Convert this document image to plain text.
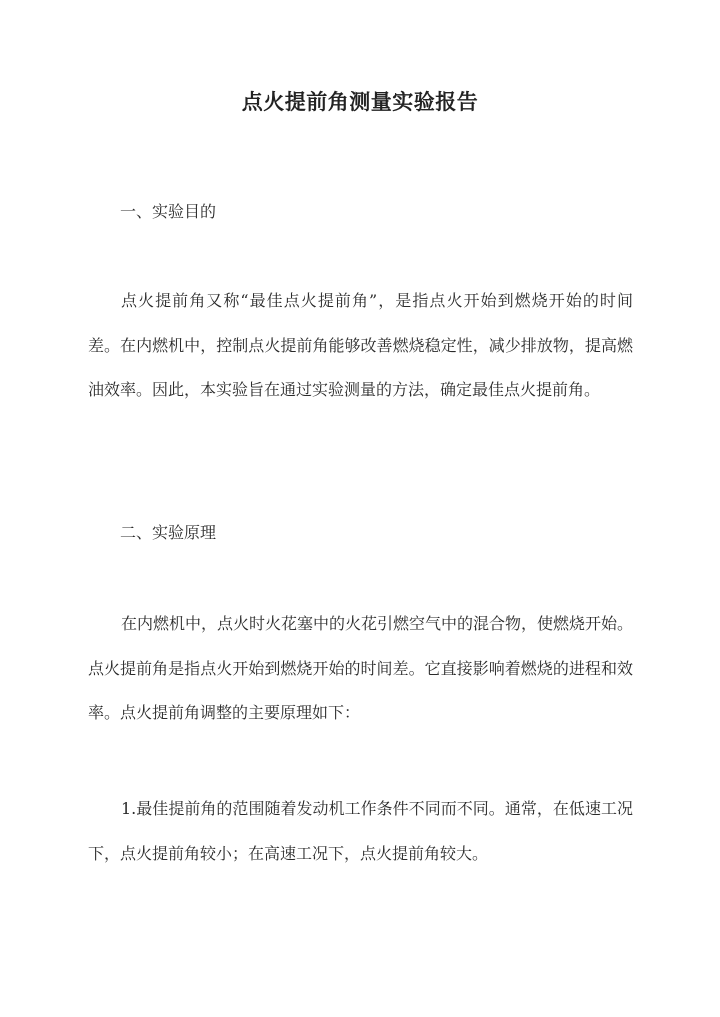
点火提前角测量实验报告
一、实验目的

点火提前角又称“最佳点火提前角”，是指点火开始到燃烧开始的时间差。在内燃机中，控制点火提前角能够改善燃烧稳定性，减少排放物，提高燃油效率。因此，本实验旨在通过实验测量的方法，确定最佳点火提前角。

二、实验原理

在内燃机中，点火时火花塞中的火花引燃空气中的混合物，使燃烧开始。点火提前角是指点火开始到燃烧开始的时间差。它直接影响着燃烧的进程和效率。点火提前角调整的主要原理如下：

1.最佳提前角的范围随着发动机工作条件不同而不同。通常，在低速工况下，点火提前角较小；在高速工况下，点火提前角较大。
